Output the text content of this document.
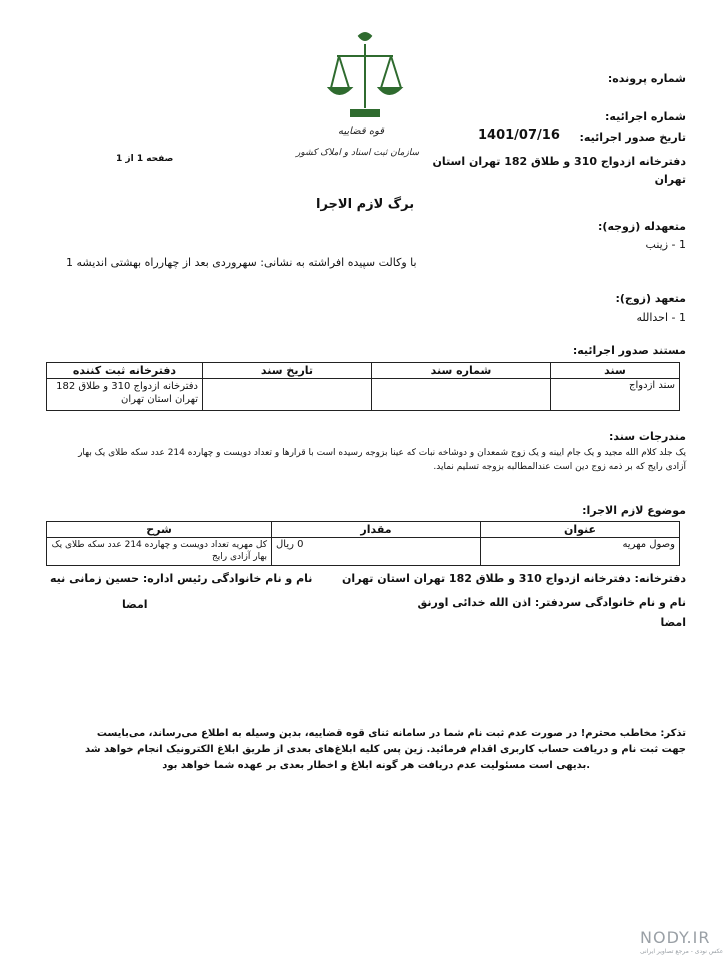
قوه قضاییه
سازمان ثبت اسناد و املاک کشور
شماره پرونده:
شماره اجرائیه:
تاریخ صدور اجرائیه:
1401/07/16
دفترخانه ازدواج 310 و طلاق 182 تهران استان
تهران
صفحه 1 از 1
برگ لازم الاجرا
متعهدله (زوجه):
1 - زینب
با وکالت سپیده افراشته به نشانی: سهروردی بعد از چهارراه بهشتی اندیشه 1
متعهد (زوج):
1 - احدالله
مستند صدور اجرائیه:
سند	شماره سند	تاریخ سند	دفترخانه ثبت کننده
سند ازدواج			دفترخانه ازدواج 310 و طلاق 182 تهران استان تهران
مندرجات سند:
یک جلد کلام الله مجید و یک جام آیینه و یک زوج شمعدان و دوشاخه نبات که عینا بزوجه رسیده است با قرارها و تعداد دویست و چهارده 214 عدد سکه طلای یک بهار
آزادی رایج که بر ذمه زوج دین است عندالمطالبه بزوجه تسلیم نماید.
موضوع لازم الاجرا:
عنوان	مقدار	شرح
وصول مهریه	0 ریال	کل مهریه تعداد دویست و چهارده 214 عدد سکه طلای یک بهار آزادی رایج
دفترخانه: دفترخانه ازدواج 310 و طلاق 182 تهران استان تهران
نام و نام خانوادگی سردفتر: اذن الله خدائی اورنق
امضا
نام و نام خانوادگی رئیس اداره: حسین زمانی نیه
امضا
تذکر: مخاطب محترم! در صورت عدم ثبت نام شما در سامانه ثنای قوه قضاییه، بدین وسیله به اطلاع می‌رساند، می‌بایست
جهت ثبت نام و دریافت حساب کاربری اقدام فرمائید. زین پس کلیه ابلاغ‌های بعدی از طریق ابلاغ الکترونیک انجام خواهد شد
.بدیهی است مسئولیت عدم دریافت هر گونه ابلاغ و اخطار بعدی بر عهده شما خواهد بود
NODY.IR
عکس نودی - مرجع تصاویر ایرانی
